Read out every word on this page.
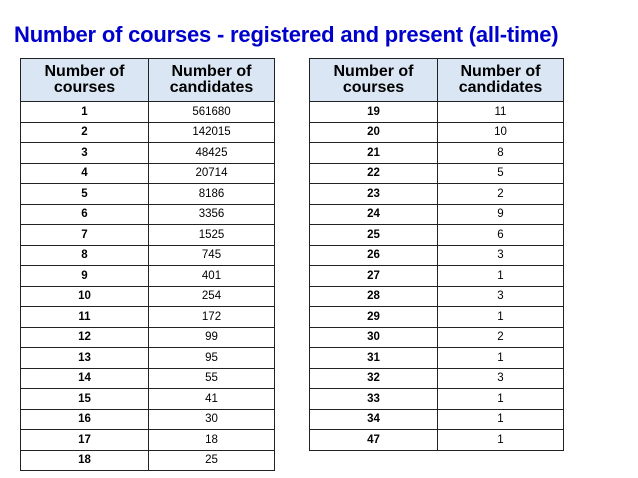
Number of courses - registered and present (all-time)
Number of courses	Number of candidates
1	561680
2	142015
3	48425
4	20714
5	8186
6	3356
7	1525
8	745
9	401
10	254
11	172
12	99
13	95
14	55
15	41
16	30
17	18
18	25
Number of courses	Number of candidates
19	11
20	10
21	8
22	5
23	2
24	9
25	6
26	3
27	1
28	3
29	1
30	2
31	1
32	3
33	1
34	1
47	1
